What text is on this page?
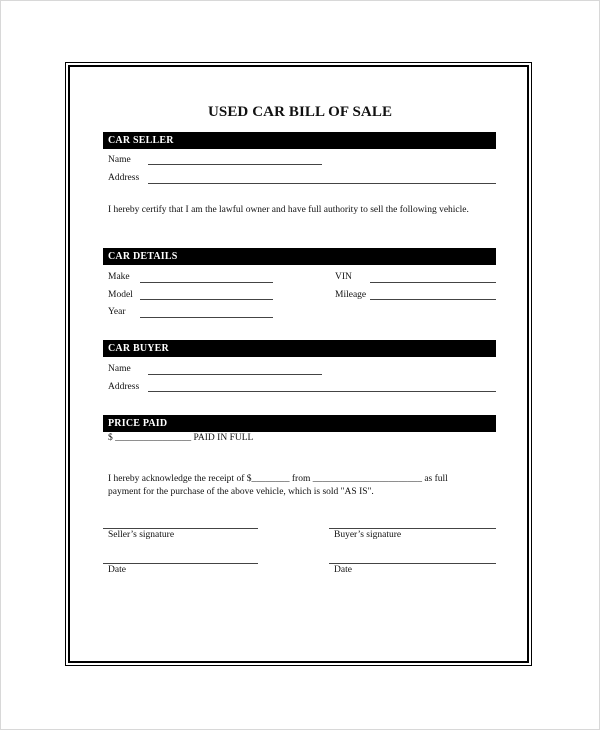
USED CAR BILL OF SALE
CAR SELLER
Name
Address
I hereby certify that I am the lawful owner and have full authority to sell the following vehicle.
CAR DETAILS
Make	VIN
Model	Mileage
Year
CAR BUYER
Name
Address
PRICE PAID
$ ________________ PAID IN FULL
I hereby acknowledge the receipt of $________ from _______________________ as full
payment for the purchase of the above vehicle, which is sold "AS IS".
Seller’s signature	Buyer’s signature
Date	Date
